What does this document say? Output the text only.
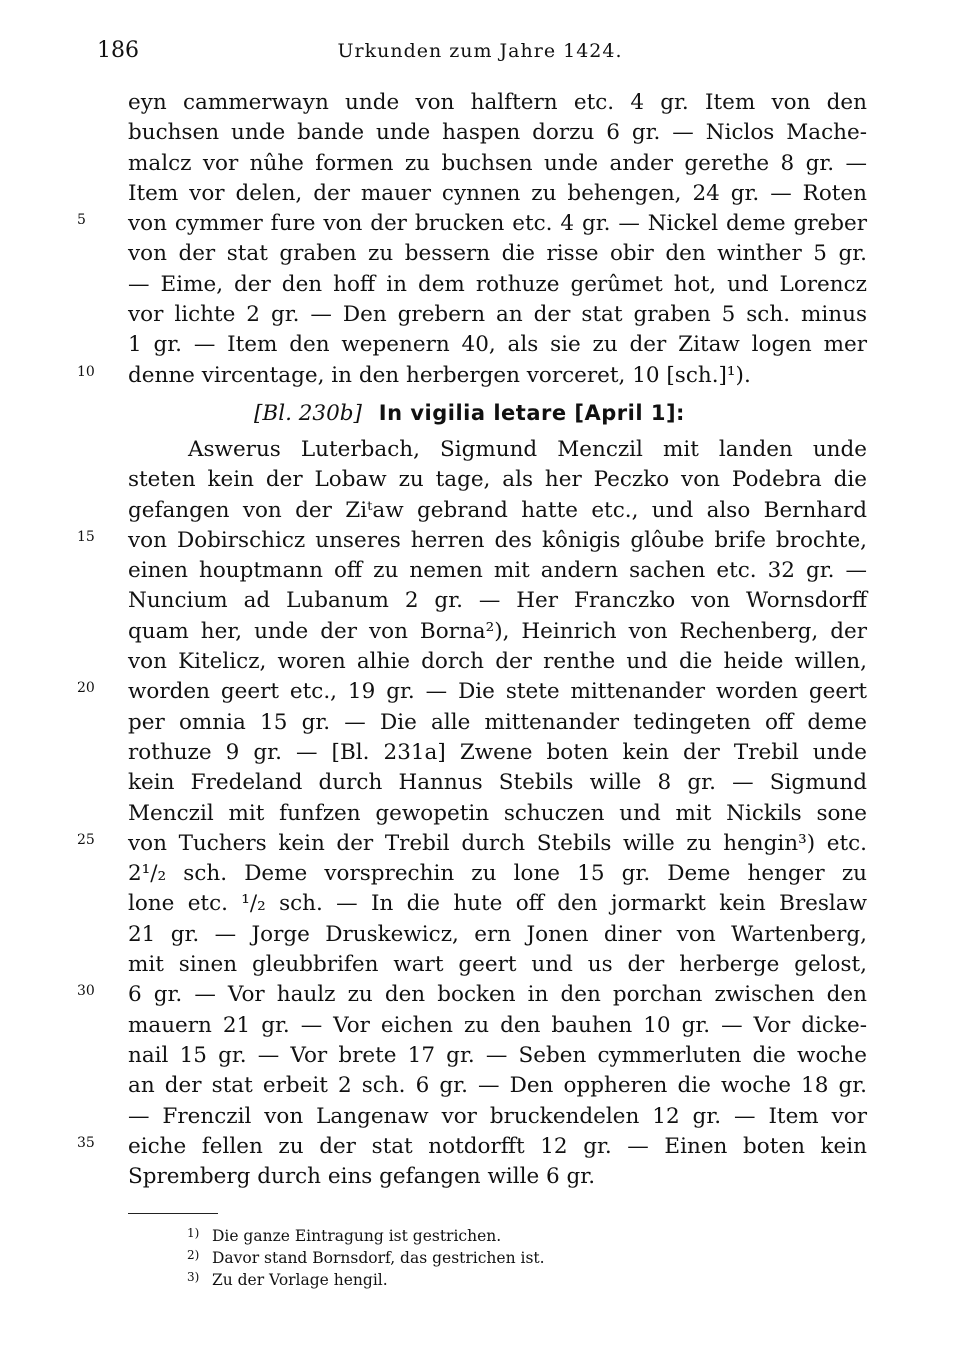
186	Urkunden zum Jahre 1424.
eyn cammerwayn unde von halftern etc. 4 gr. Item von den
buchsen unde bande unde haspen dorzu 6 gr. — Niclos Mache-
malcz vor nûhe formen zu buchsen unde ander gerethe 8 gr. —
Item vor delen, der mauer cynnen zu behengen, 24 gr. — Roten
5 von cymmer fure von der brucken etc. 4 gr. — Nickel deme greber
von der stat graben zu bessern die risse obir den winther 5 gr.
— Eime, der den hoff in dem rothuze gerûmet hot, und Lorencz
vor lichte 2 gr. — Den grebern an der stat graben 5 sch. minus
1 gr. — Item den wepenern 40, als sie zu der Zitaw logen mer
10 denne vircentage, in den herbergen vorceret, 10 [sch.]¹).
[Bl. 230b] In vigilia letare [April 1]:
Aswerus Luterbach, Sigmund Menczil mit landen unde
steten kein der Lobaw zu tage, als her Peczko von Podebra die
gefangen von der Ziᵗaw gebrand hatte etc., und also Bernhard
15 von Dobirschicz unseres herren des kônigis glôube brife brochte,
einen houptmann off zu nemen mit andern sachen etc. 32 gr. —
Nuncium ad Lubanum 2 gr. — Her Franczko von Wornsdorff
quam her, unde der von Borna²), Heinrich von Rechenberg, der
von Kitelicz, woren alhie dorch der renthe und die heide willen,
20 worden geert etc., 19 gr. — Die stete mittenander worden geert
per omnia 15 gr. — Die alle mittenander tedingeten off deme
rothuze 9 gr. — [Bl. 231a] Zwene boten kein der Trebil unde
kein Fredeland durch Hannus Stebils wille 8 gr. — Sigmund
Menczil mit funfzen gewopetin schuczen und mit Nickils sone
25 von Tuchers kein der Trebil durch Stebils wille zu hengin³) etc.
2¹/₂ sch. Deme vorsprechin zu lone 15 gr. Deme henger zu
lone etc. ¹/₂ sch. — In die hute off den jormarkt kein Breslaw
21 gr. — Jorge Druskewicz, ern Jonen diner von Wartenberg,
mit sinen gleubbrifen wart geert und us der herberge gelost,
30 6 gr. — Vor haulz zu den bocken in den porchan zwischen den
mauern 21 gr. — Vor eichen zu den bauhen 10 gr. — Vor dicke-
nail 15 gr. — Vor brete 17 gr. — Seben cymmerluten die woche
an der stat erbeit 2 sch. 6 gr. — Den oppheren die woche 18 gr.
— Frenczil von Langenaw vor bruckendelen 12 gr. — Item vor
35 eiche fellen zu der stat notdorfft 12 gr. — Einen boten kein
Spremberg durch eins gefangen wille 6 gr.
1) Die ganze Eintragung ist gestrichen.
2) Davor stand Bornsdorf, das gestrichen ist.
3) Zu der Vorlage hengil.
